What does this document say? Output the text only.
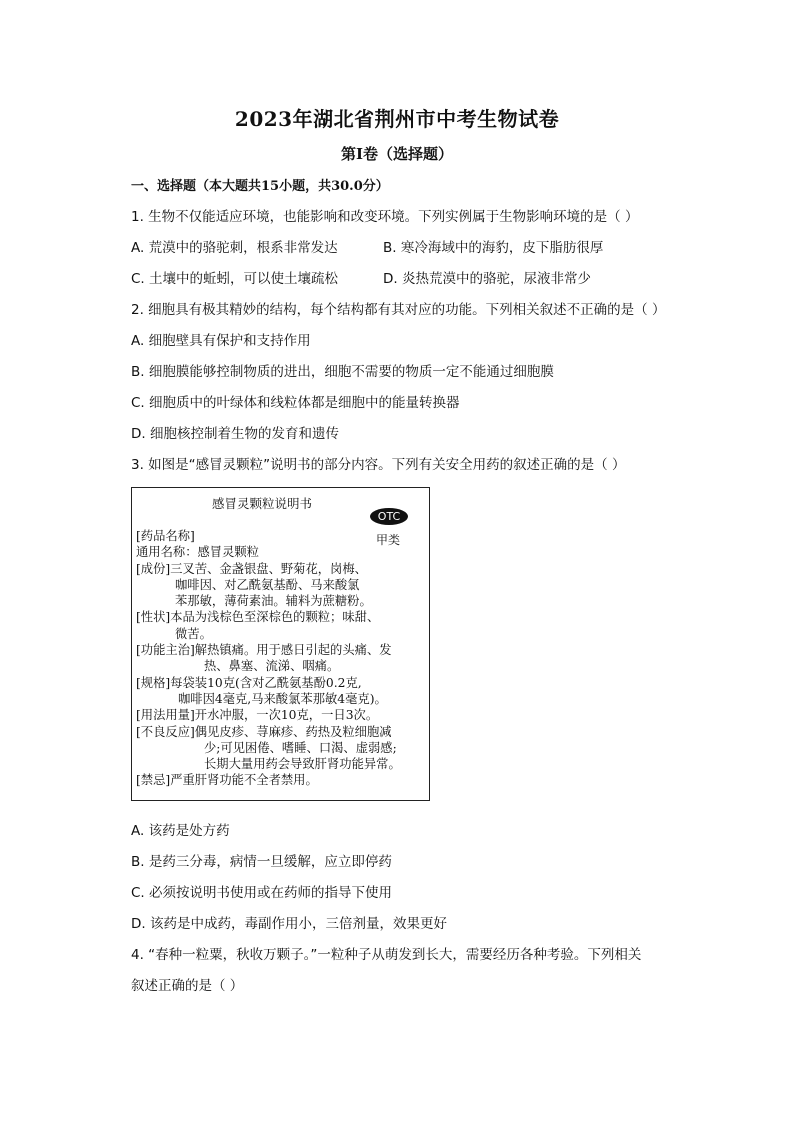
2023年湖北省荆州市中考生物试卷
第Ⅰ卷（选择题）
一、选择题（本大题共15小题，共30.0分）
1. 生物不仅能适应环境，也能影响和改变环境。下列实例属于生物影响环境的是（ ）
A. 荒漠中的骆驼刺，根系非常发达	B. 寒冷海域中的海豹，皮下脂肪很厚
C. 土壤中的蚯蚓，可以使土壤疏松	D. 炎热荒漠中的骆驼，尿液非常少
2. 细胞具有极其精妙的结构，每个结构都有其对应的功能。下列相关叙述不正确的是（ ）
A. 细胞壁具有保护和支持作用
B. 细胞膜能够控制物质的进出，细胞不需要的物质一定不能通过细胞膜
C. 细胞质中的叶绿体和线粒体都是细胞中的能量转换器
D. 细胞核控制着生物的发育和遗传
3. 如图是“感冒灵颗粒”说明书的部分内容。下列有关安全用药的叙述正确的是（ ）
感冒灵颗粒说明书
OTC
甲类
[药品名称]
通用名称：感冒灵颗粒
[成份]三叉苦、金盏银盘、野菊花，岗梅、
咖啡因、对乙酰氨基酚、马来酸氯
苯那敏，薄荷素油。辅料为蔗糖粉。
[性状]本品为浅棕色至深棕色的颗粒；味甜、
微苦。
[功能主治]解热镇痛。用于感日引起的头痛、发
热、鼻塞、流涕、咽痛。
[规格]每袋装10克(含对乙酰氨基酚0.2克,
咖啡因4毫克,马来酸氯苯那敏4毫克)。
[用法用量]开水冲服，一次10克，一日3次。
[不良反应]偶见皮疹、荨麻疹、药热及粒细胞减
少;可见困倦、嗜睡、口渴、虚弱感;
长期大量用药会导致肝肾功能异常。
[禁忌]严重肝肾功能不全者禁用。
A. 该药是处方药
B. 是药三分毒，病情一旦缓解，应立即停药
C. 必须按说明书使用或在药师的指导下使用
D. 该药是中成药，毒副作用小，三倍剂量，效果更好
4. “春种一粒粟，秋收万颗子。”一粒种子从萌发到长大，需要经历各种考验。下列相关
叙述正确的是（ ）
